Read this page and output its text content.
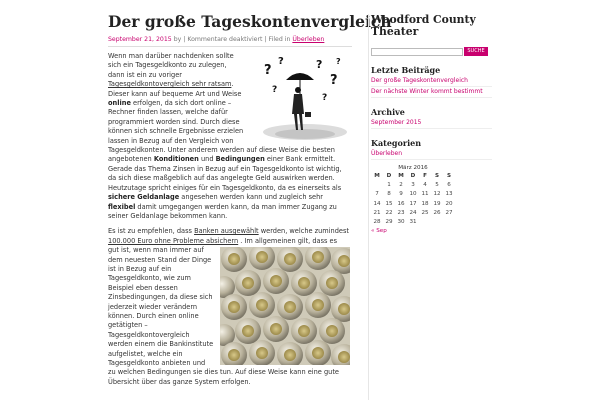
Der große Tageskontenvergleich
September 21, 2015 by | Kommentare deaktiviert | Filed in Überleben

?
?	?
?
?
?
?
Wenn man darüber nachdenken sollte sich ein Tagesgeldkonto zu zulegen, dann ist ein zu voriger Tagesgeldkontovergleich sehr ratsam. Dieser kann auf bequeme Art und Weise online erfolgen, da sich dort online – Rechner finden lassen, welche dafür programmiert worden sind. Durch diese können sich schnelle Ergebnisse erzielen lassen in Bezug auf den Vergleich von Tagesgeldkonten. Unter anderem werden auf diese Weise die besten angebotenen Konditionen und Bedingungen einer Bank ermittelt. Gerade das Thema Zinsen in Bezug auf ein Tagesgeldkonto ist wichtig, da sich diese maßgeblich auf das angelegte Geld auswirken werden. Heutzutage spricht einiges für ein Tagesgeldkonto, da es einerseits als sichere Geldanlage angesehen werden kann und zugleich sehr flexibel damit umgegangen werden kann, da man immer Zugang zu seiner Geldanlage bekommen kann.

Es ist zu empfehlen, dass Banken ausgewählt werden, welche zumindest 100.000 Euro ohne Probleme absichern . Im allgemeinen gilt, dass es gut ist, wenn man immer auf dem neuesten Stand der Dinge ist in Bezug auf ein Tagesgeldkonto, wie zum Beispiel eben dessen Zinsbedingungen, da diese sich jederzeit wieder verändern können. Durch einen online getätigten – Tagesgeldkontovergleich werden einem die Bankinstitute aufgelistet, welche ein Tagesgeldkonto anbieten und zu welchen Bedingungen sie dies tun. Auf diese Weise kann eine gute Übersicht über das ganze System erfolgen.

Woodford County Theater
SUCHE
Letzte Beiträge
Der große Tageskontenvergleich
Der nächste Winter kommt bestimmt
Archive
September 2015
Kategorien
Überleben
März 2016
M	D	M	D	F	S	S
	1	2	3	4	5	6
7	8	9	10	11	12	13
14	15	16	17	18	19	20
21	22	23	24	25	26	27
28	29	30	31			
« Sep
